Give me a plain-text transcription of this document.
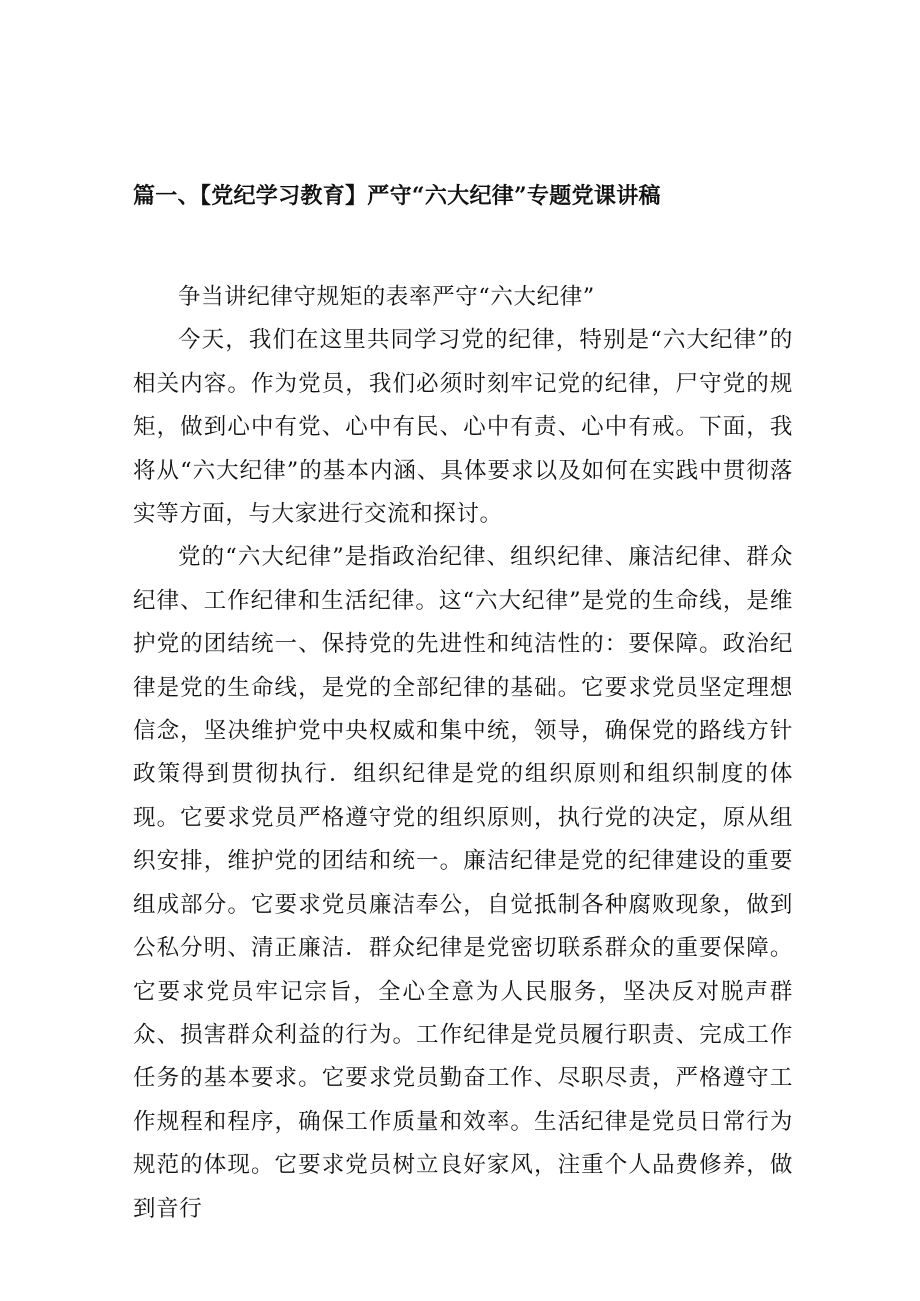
篇一、【党纪学习教育】严守“六大纪律”专题党课讲稿

争当讲纪律守规矩的表率严守“六大纪律”

今天，我们在这里共同学习党的纪律，特别是“六大纪律”的相关内容。作为党员，我们必须时刻牢记党的纪律，尸守党的规矩，做到心中有党、心中有民、心中有责、心中有戒。下面，我将从“六大纪律”的基本内涵、具体要求以及如何在实践中贯彻落实等方面，与大家进行交流和探讨。

党的“六大纪律”是指政治纪律、组织纪律、廉洁纪律、群众纪律、工作纪律和生活纪律。这“六大纪律”是党的生命线，是维护党的团结统一、保持党的先进性和纯洁性的：要保障。政治纪律是党的生命线，是党的全部纪律的基础。它要求党员坚定理想信念，坚决维护党中央权威和集中统，领导，确保党的路线方针政策得到贯彻执行．组织纪律是党的组织原则和组织制度的体现。它要求党员严格遵守党的组织原则，执行党的决定，原从组织安排，维护党的团结和统一。廉洁纪律是党的纪律建设的重要组成部分。它要求党员廉洁奉公，自觉抵制各种腐败现象，做到公私分明、清正廉洁．群众纪律是党密切联系群众的重要保障。它要求党员牢记宗旨，全心全意为人民服务，坚决反对脱声群众、损害群众利益的行为。工作纪律是党员履行职责、完成工作任务的基本要求。它要求党员勤奋工作、尽职尽责，严格遵守工作规程和程序，确保工作质量和效率。生活纪律是党员日常行为规范的体现。它要求党员树立良好家风，注重个人品费修养，做到音行
